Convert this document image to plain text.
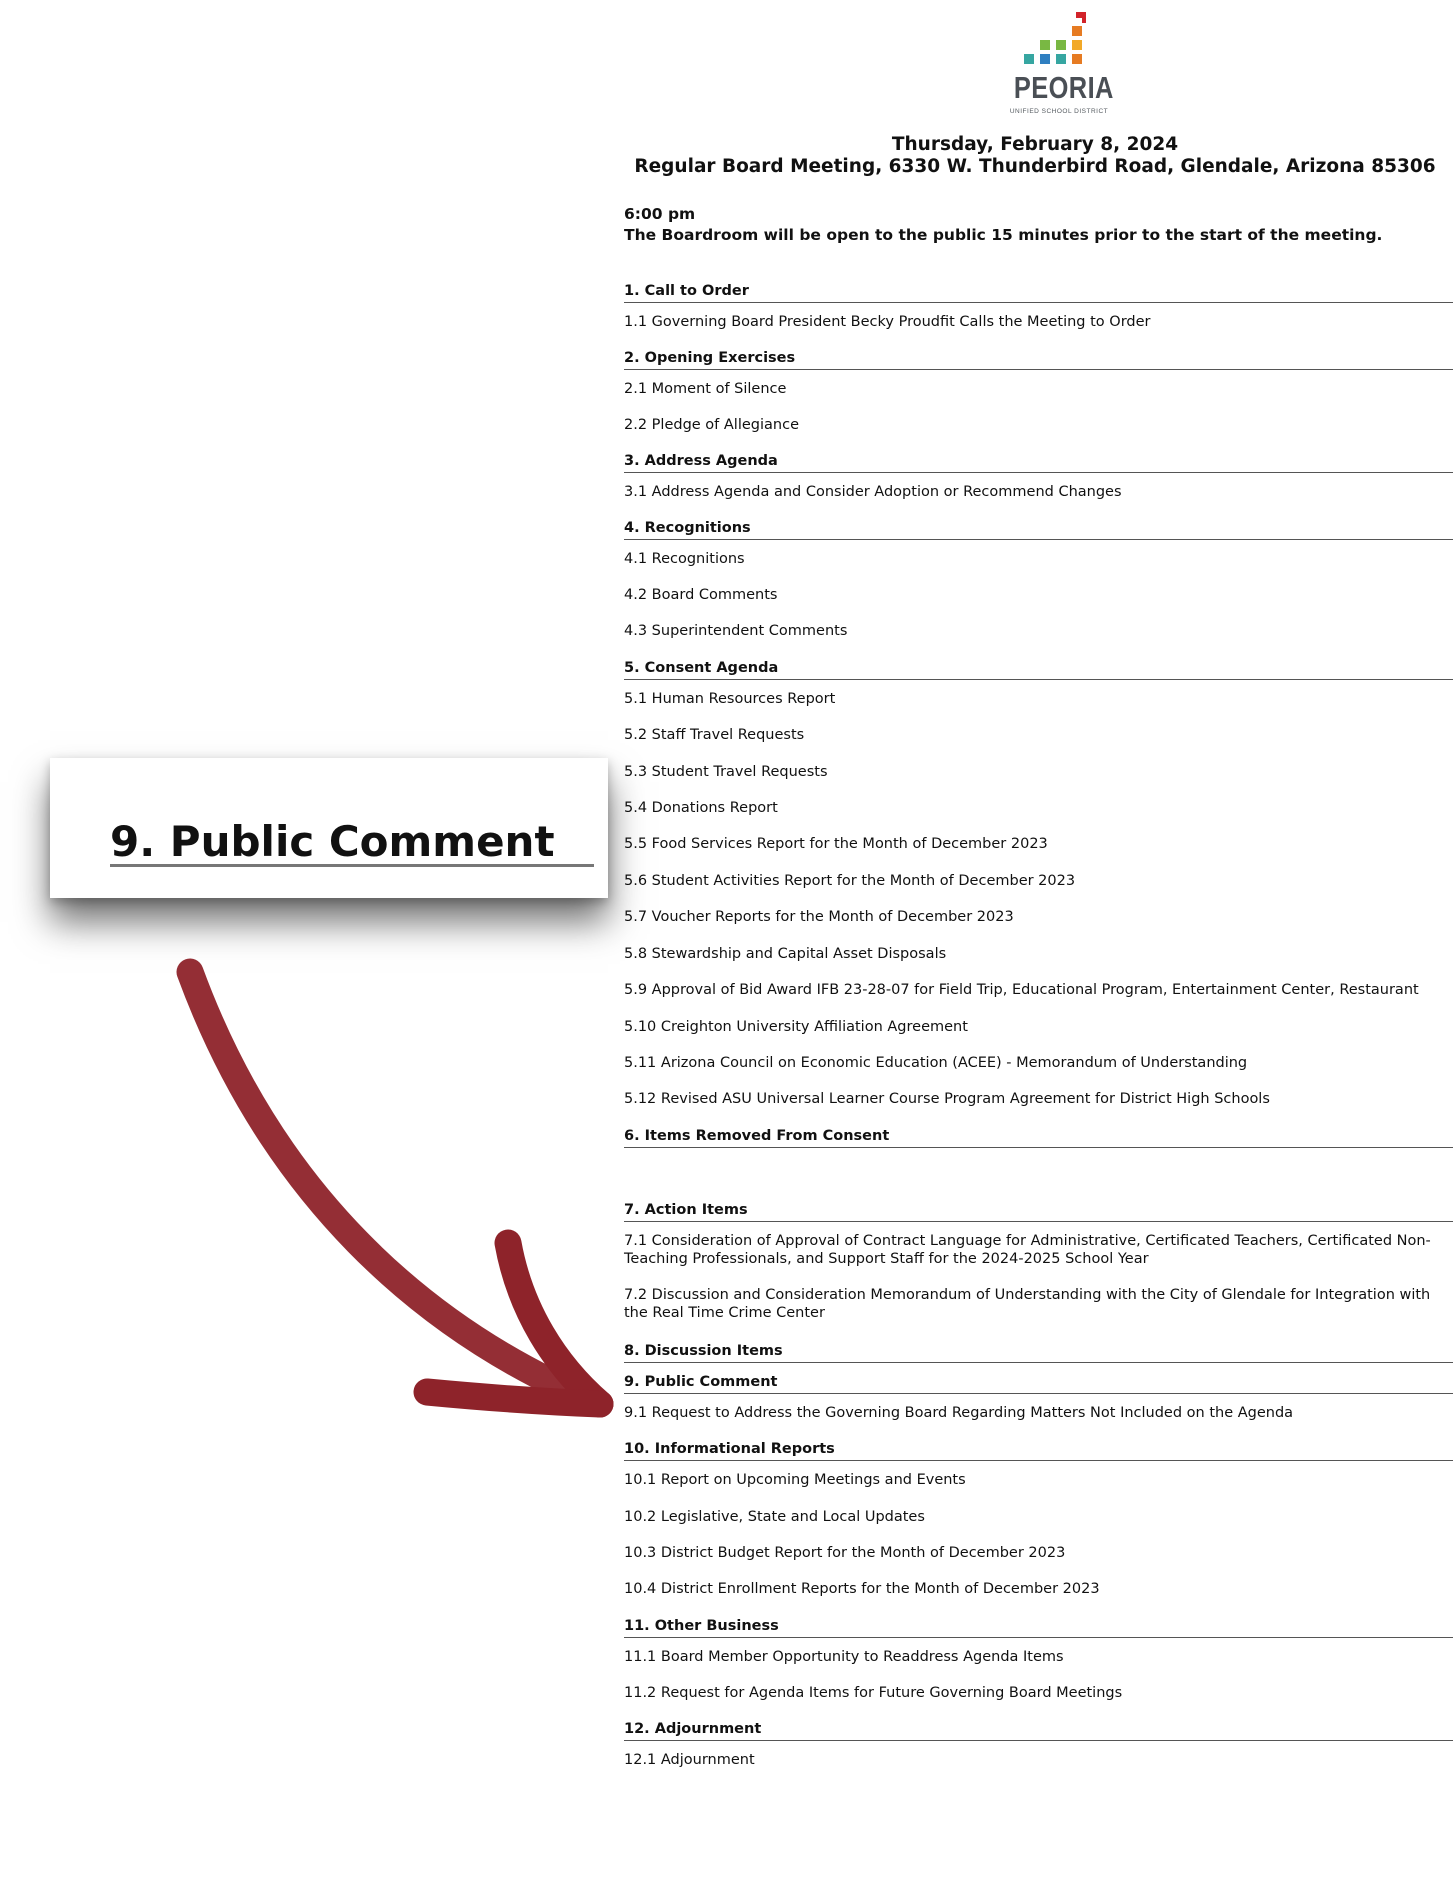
PEORIA
UNIFIED SCHOOL DISTRICT
Thursday, February 8, 2024
Regular Board Meeting, 6330 W. Thunderbird Road, Glendale, Arizona 85306
6:00 pm
The Boardroom will be open to the public 15 minutes prior to the start of the meeting.
1. Call to Order
1.1 Governing Board President Becky Proudfit Calls the Meeting to Order
2. Opening Exercises
2.1 Moment of Silence
2.2 Pledge of Allegiance
3. Address Agenda
3.1 Address Agenda and Consider Adoption or Recommend Changes
4. Recognitions
4.1 Recognitions
4.2 Board Comments
4.3 Superintendent Comments
5. Consent Agenda
5.1 Human Resources Report
5.2 Staff Travel Requests
5.3 Student Travel Requests
5.4 Donations Report
5.5 Food Services Report for the Month of December 2023
5.6 Student Activities Report for the Month of December 2023
5.7 Voucher Reports for the Month of December 2023
5.8 Stewardship and Capital Asset Disposals
5.9 Approval of Bid Award IFB 23-28-07 for Field Trip, Educational Program, Entertainment Center, Restaurant
5.10 Creighton University Affiliation Agreement
5.11 Arizona Council on Economic Education (ACEE) - Memorandum of Understanding
5.12 Revised ASU Universal Learner Course Program Agreement for District High Schools
6. Items Removed From Consent
7. Action Items
7.1 Consideration of Approval of Contract Language for Administrative, Certificated Teachers, Certificated Non-Teaching Professionals, and Support Staff for the 2024-2025 School Year
7.2 Discussion and Consideration Memorandum of Understanding with the City of Glendale for Integration with the Real Time Crime Center
8. Discussion Items
9. Public Comment
9.1 Request to Address the Governing Board Regarding Matters Not Included on the Agenda
10. Informational Reports
10.1 Report on Upcoming Meetings and Events
10.2 Legislative, State and Local Updates
10.3 District Budget Report for the Month of December 2023
10.4 District Enrollment Reports for the Month of December 2023
11. Other Business
11.1 Board Member Opportunity to Readdress Agenda Items
11.2 Request for Agenda Items for Future Governing Board Meetings
12. Adjournment
12.1 Adjournment
9. Public Comment
